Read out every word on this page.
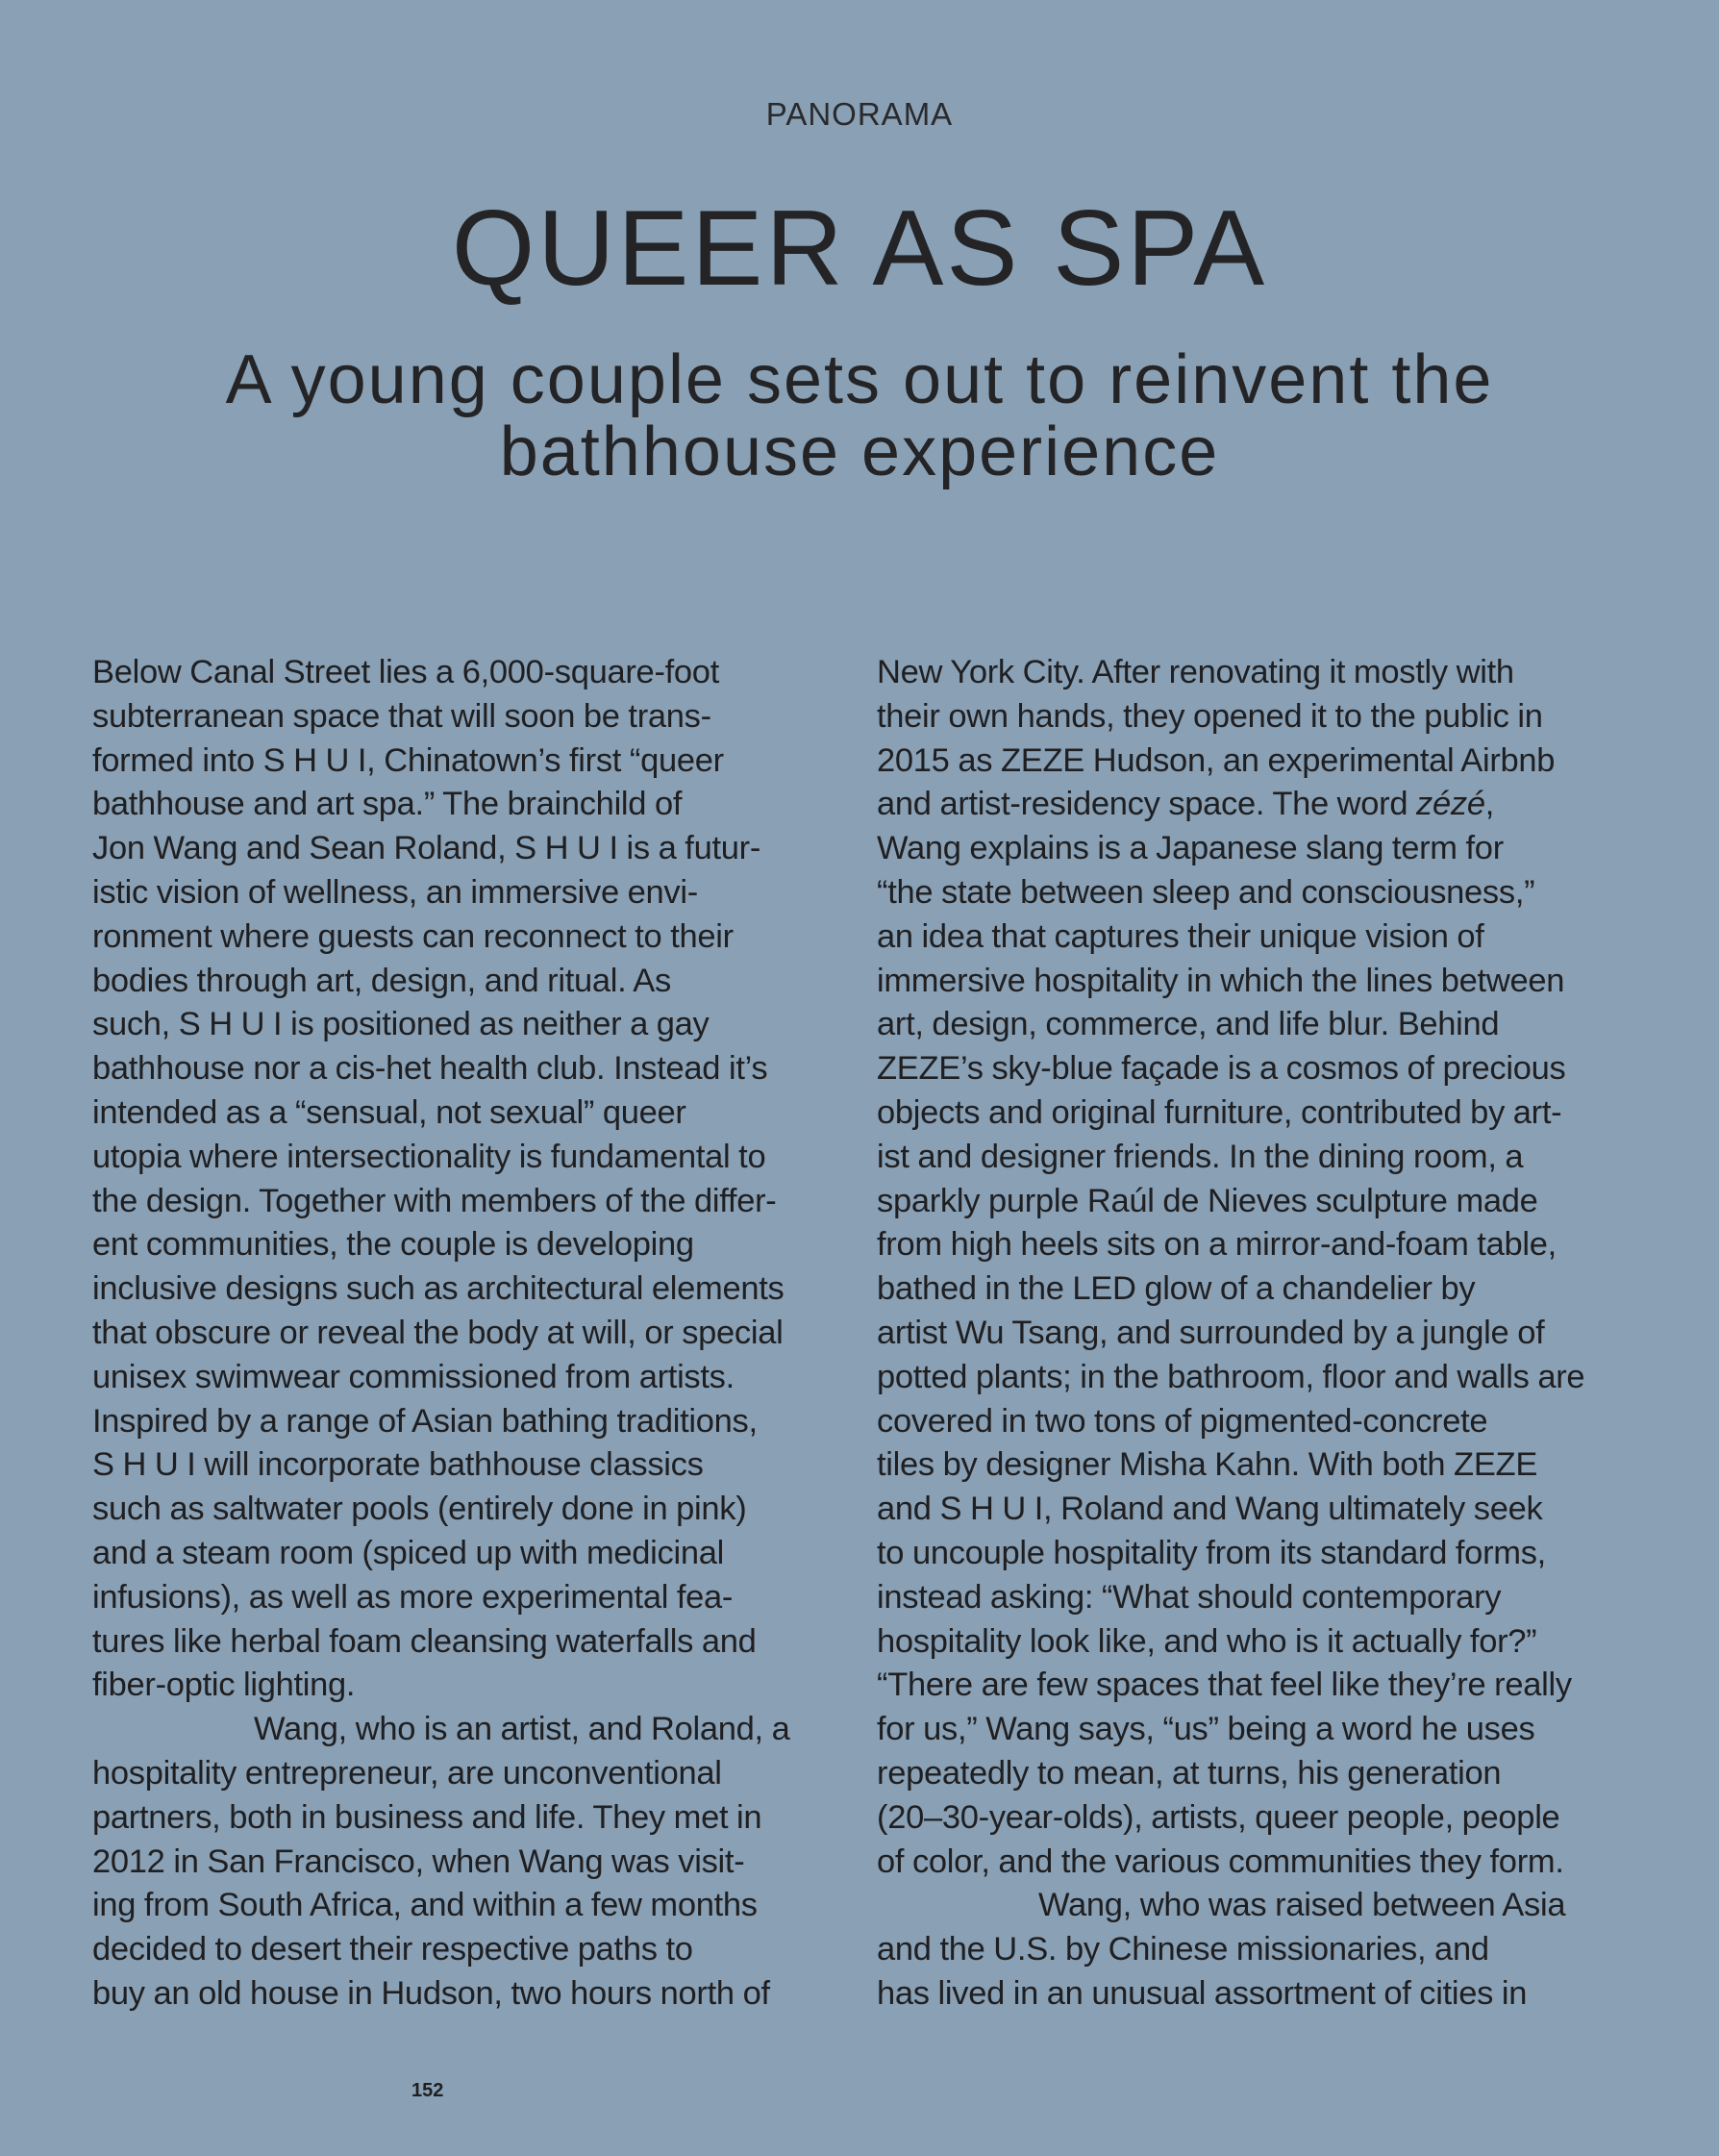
PANORAMA
QUEER AS SPA
A young couple sets out to reinvent the
bathhouse experience
Below Canal Street lies a 6,000-square-foot
subterranean space that will soon be trans-
formed into S H U I, Chinatown’s first “queer
bathhouse and art spa.” The brainchild of
Jon Wang and Sean Roland, S H U I is a futur-
istic vision of wellness, an immersive envi-
ronment where guests can reconnect to their
bodies through art, design, and ritual. As
such, S H U I is positioned as neither a gay
bathhouse nor a cis-het health club. Instead it’s
intended as a “sensual, not sexual” queer
utopia where intersectionality is fundamental to
the design. Together with members of the differ-
ent communities, the couple is developing
inclusive designs such as architectural elements
that obscure or reveal the body at will, or special
unisex swimwear commissioned from artists.
Inspired by a range of Asian bathing traditions,
S H U I will incorporate bathhouse classics
such as saltwater pools (entirely done in pink)
and a steam room (spiced up with medicinal
infusions), as well as more experimental fea-
tures like herbal foam cleansing waterfalls and
fiber-optic lighting.
Wang, who is an artist, and Roland, a
hospitality entrepreneur, are unconventional
partners, both in business and life. They met in
2012 in San Francisco, when Wang was visit-
ing from South Africa, and within a few months
decided to desert their respective paths to
buy an old house in Hudson, two hours north of
New York City. After renovating it mostly with
their own hands, they opened it to the public in
2015 as ZEZE Hudson, an experimental Airbnb
and artist-residency space. The word zézé,
Wang explains is a Japanese slang term for
“the state between sleep and consciousness,”
an idea that captures their unique vision of
immersive hospitality in which the lines between
art, design, commerce, and life blur. Behind
ZEZE’s sky-blue façade is a cosmos of precious
objects and original furniture, contributed by art-
ist and designer friends. In the dining room, a
sparkly purple Raúl de Nieves sculpture made
from high heels sits on a mirror-and-foam table,
bathed in the LED glow of a chandelier by
artist Wu Tsang, and surrounded by a jungle of
potted plants; in the bathroom, floor and walls are
covered in two tons of pigmented-concrete
tiles by designer Misha Kahn. With both ZEZE
and S H U I, Roland and Wang ultimately seek
to uncouple hospitality from its standard forms,
instead asking: “What should contemporary
hospitality look like, and who is it actually for?”
“There are few spaces that feel like they’re really
for us,” Wang says, “us” being a word he uses
repeatedly to mean, at turns, his generation
(20–30-year-olds), artists, queer people, people
of color, and the various communities they form.
Wang, who was raised between Asia
and the U.S. by Chinese missionaries, and
has lived in an unusual assortment of cities in
152
